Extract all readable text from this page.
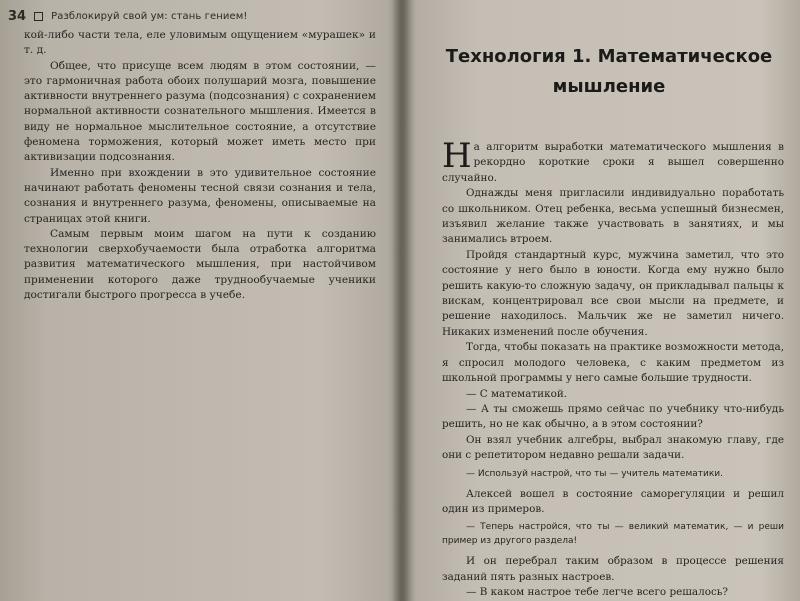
34	Разблокируй свой ум: стань гением!

кой-либо части тела, еле уловимым ощущением «мурашек» и т. д.

Общее, что присуще всем людям в этом состоянии, — это гармоничная работа обоих полушарий мозга, повышение активности внутреннего разума (подсознания) с сохранением нормальной активности сознательного мышления. Имеется в виду не нормальное мыслительное состояние, а отсутствие феномена торможения, который может иметь место при активизации подсознания.

Именно при вхождении в это удивительное состояние начинают работать феномены тесной связи сознания и тела, сознания и внутреннего разума, феномены, описываемые на страницах этой книги.

Самым первым моим шагом на пути к созданию технологии сверхобучаемости была отработка алгоритма развития математического мышления, при настойчивом применении которого даже труднообучаемые ученики достигали быстрого прогресса в учебе.

Технология 1. Математическое мышление

На алгоритм выработки математического мышления в рекордно короткие сроки я вышел совершенно случайно.

Однажды меня пригласили индивидуально поработать со школьником. Отец ребенка, весьма успешный бизнесмен, изъявил желание также участвовать в занятиях, и мы занимались втроем.

Пройдя стандартный курс, мужчина заметил, что это состояние у него было в юности. Когда ему нужно было решить какую-то сложную задачу, он прикладывал пальцы к вискам, концентрировал все свои мысли на предмете, и решение находилось. Мальчик же не заметил ничего. Никаких изменений после обучения.

Тогда, чтобы показать на практике возможности метода, я спросил молодого человека, с каким предметом из школьной программы у него самые большие трудности.

— С математикой.

— А ты сможешь прямо сейчас по учебнику что-нибудь решить, но не как обычно, а в этом состоянии?

Он взял учебник алгебры, выбрал знакомую главу, где они с репетитором недавно решали задачи.

— Используй настрой, что ты — учитель математики.

Алексей вошел в состояние саморегуляции и решил один из примеров.

— Теперь настройся, что ты — великий математик, — и реши пример из другого раздела!

И он перебрал таким образом в процессе решения заданий пять разных настроев.

— В каком настрое тебе легче всего решалось?
